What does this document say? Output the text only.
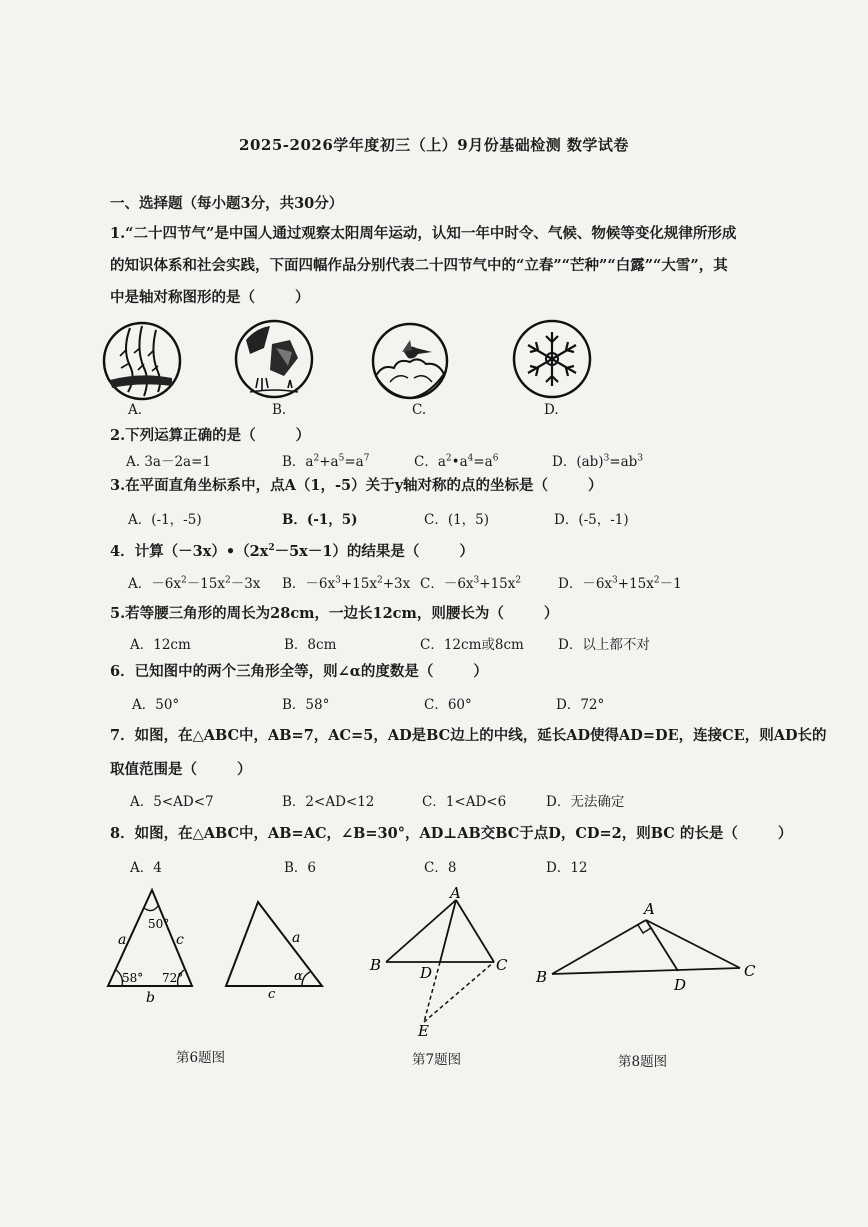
2025-2026学年度初三（上）9月份基础检测 数学试卷
一、选择题（每小题3分，共30分）
1.“二十四节气”是中国人通过观察太阳周年运动，认知一年中时令、气候、物候等变化规律所形成
的知识体系和社会实践，下面四幅作品分别代表二十四节气中的“立春”“芒种”“白露”“大雪”，其
中是轴对称图形的是（	）
A.	B.	C.	D.
2.下列运算正确的是（	）
A. 3a－2a=1	B．$a^2+a^5=a^7$	C．$a^2•a^4=a^6$	D．$(ab)^3=ab^3$
3.在平面直角坐标系中，点A（1，-5）关于y轴对称的点的坐标是（	）
A．(-1，-5)	B．(-1，5)	C．(1，5)	D．(-5，-1)
4．计算$(-3x)•(2x^2-5x-1)$的结果是（	）
A．$-6x^2-15x^2-3x$ B．$-6x^3+15x^2+3x$ C．$-6x^3+15x^2$	D．$-6x^3+15x^2-1$
5.若等腰三角形的周长为28cm，一边长12cm，则腰长为（	）
A．12cm	B．8cm	C．12cm或8cm	D．以上都不对
6．已知图中的两个三角形全等，则∠α的度数是（	）
A．50°	B．58°	C．60°	D．72°
7．如图，在△ABC中，AB=7，AC=5，AD是BC边上的中线，延长AD使得AD=DE，连接CE，则AD长的
取值范围是（	）
A．5<AD<7	B．2<AD<12	C．1<AD<6	D．无法确定
8．如图，在△ABC中，AB=AC，∠B=30°，AD⊥AB交BC于点D，CD=2，则BC 的长是（	）
A．4	B．6	C．8	D．12
50°
58° 72°
a	c
b
a
c
α
第6题图
A
B	C
D
E
第7题图
A
B	C
D
第8题图
